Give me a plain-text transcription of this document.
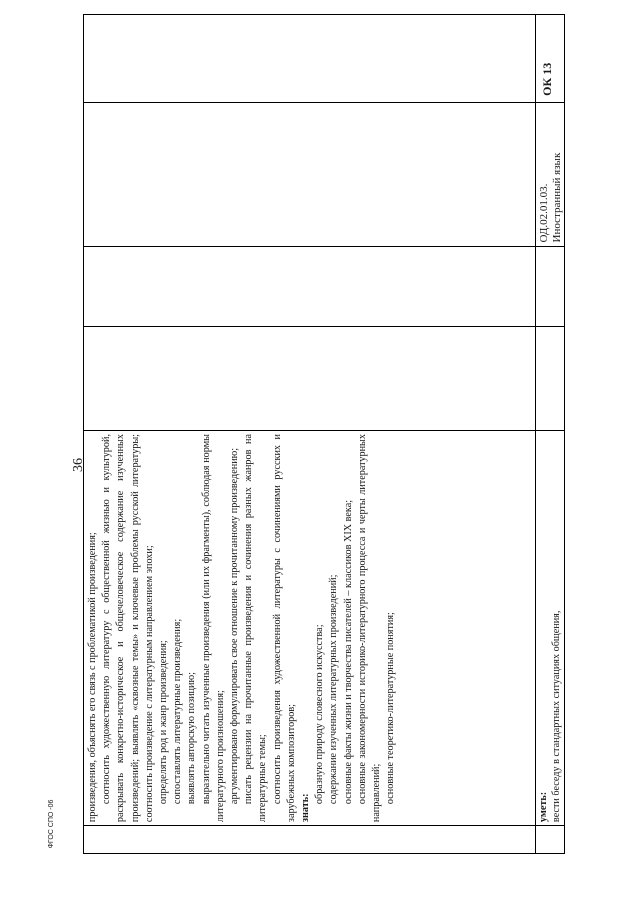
36

произведения, объяснять его связь с проблематикой произведения; соотносить художественную литературу с общественной жизнью и культурой, раскрывать конкретно-историческое и общечеловеческое содержание изученных произведений; выявлять «сквозные темы» и ключевые проблемы русской литературы; соотносить произведение с литературным направлением эпохи; определять род и жанр произведения; сопоставлять литературные произведения; выявлять авторскую позицию; выразительно читать изученные произведения (или их фрагменты), соблюдая нормы литературного произношения; аргументировано формулировать свое отношение к прочитанному произведению; писать рецензии на прочитанные произведения и сочинения разных жанров на литературные темы; соотносить произведения художественной литературы с сочинениями русских и зарубежных композиторов; знать:

образную природу словесного искусства; содержание изученных литературных произведений; основные факты жизни и творчества писателей – классиков XIX века; основные закономерности историко-литературного процесса и черты литературных направлений; основные теоретико-литературные понятия;

уметь: вести беседу в стандартных ситуациях общения,
ОД.02.01.03. Иностранный язык
ОК 13
ФГОС СПО -06
